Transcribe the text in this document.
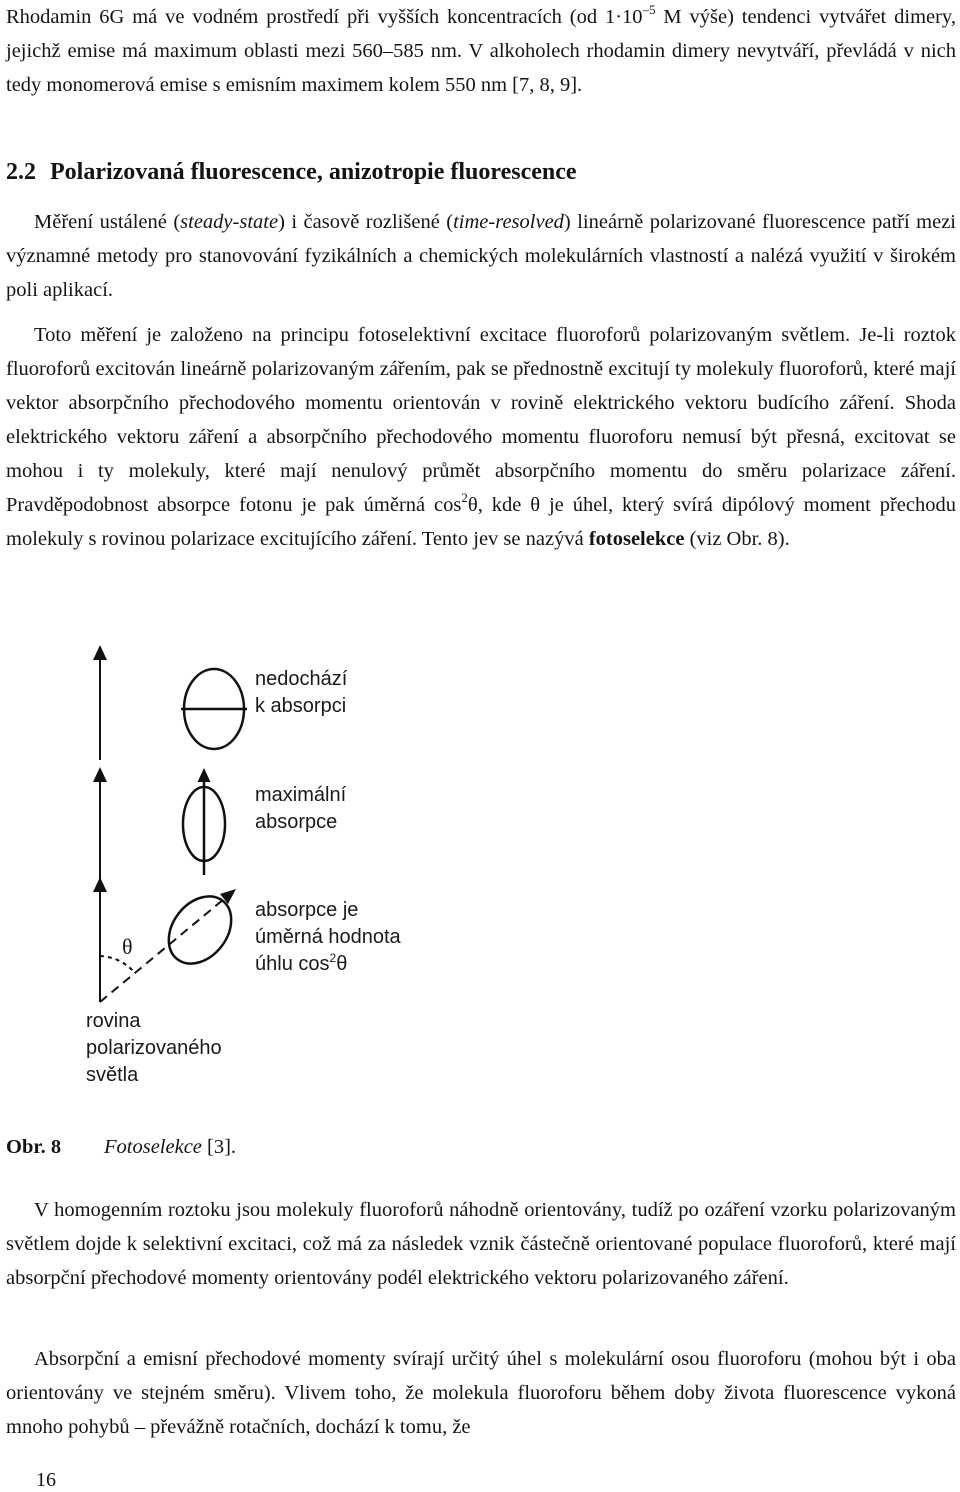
Rhodamin 6G má ve vodném prostředí při vyšších koncentracích (od $1\cdot 10^{-5}$ M výše) tendenci vytvářet dimery, jejichž emise má maximum oblasti mezi 560–585 nm. V alkoholech rhodamin dimery nevytváří, převládá v nich tedy monomerová emise s emisním maximem kolem 550 nm [7, 8, 9].

2.2 Polarizovaná fluorescence, anizotropie fluorescence

Měření ustálené (steady-state) i časově rozlišené (time-resolved) lineárně polarizované fluorescence patří mezi významné metody pro stanovování fyzikálních a chemických molekulárních vlastností a nalézá využití v širokém poli aplikací.

Toto měření je založeno na principu fotoselektivní excitace fluoroforů polarizovaným světlem. Je-li roztok fluoroforů excitován lineárně polarizovaným zářením, pak se přednostně excitují ty molekuly fluoroforů, které mají vektor absorpčního přechodového momentu orientován v rovině elektrického vektoru budícího záření. Shoda elektrického vektoru záření a absorpčního přechodového momentu fluoroforu nemusí být přesná, excitovat se mohou i ty molekuly, které mají nenulový průmět absorpčního momentu do směru polarizace záření. Pravděpodobnost absorpce fotonu je pak úměrná $\cos^2\theta$, kde θ je úhel, který svírá dipólový moment přechodu molekuly s rovinou polarizace excitujícího záření. Tento jev se nazývá fotoselekce (viz Obr. 8).

nedochází
k absorpci
maximální
absorpce
absorpce je
úměrná hodnota
úhlu $\cos^2\theta$
θ
rovina
polarizovaného
světla
Obr. 8 Fotoselekce [3].

V homogenním roztoku jsou molekuly fluoroforů náhodně orientovány, tudíž po ozáření vzorku polarizovaným světlem dojde k selektivní excitaci, což má za následek vznik částečně orientované populace fluoroforů, které mají absorpční přechodové momenty orientovány podél elektrického vektoru polarizovaného záření.

Absorpční a emisní přechodové momenty svírají určitý úhel s molekulární osou fluoroforu (mohou být i oba orientovány ve stejném směru). Vlivem toho, že molekula fluoroforu během doby života fluorescence vykoná mnoho pohybů – převážně rotačních, dochází k tomu, že

16
